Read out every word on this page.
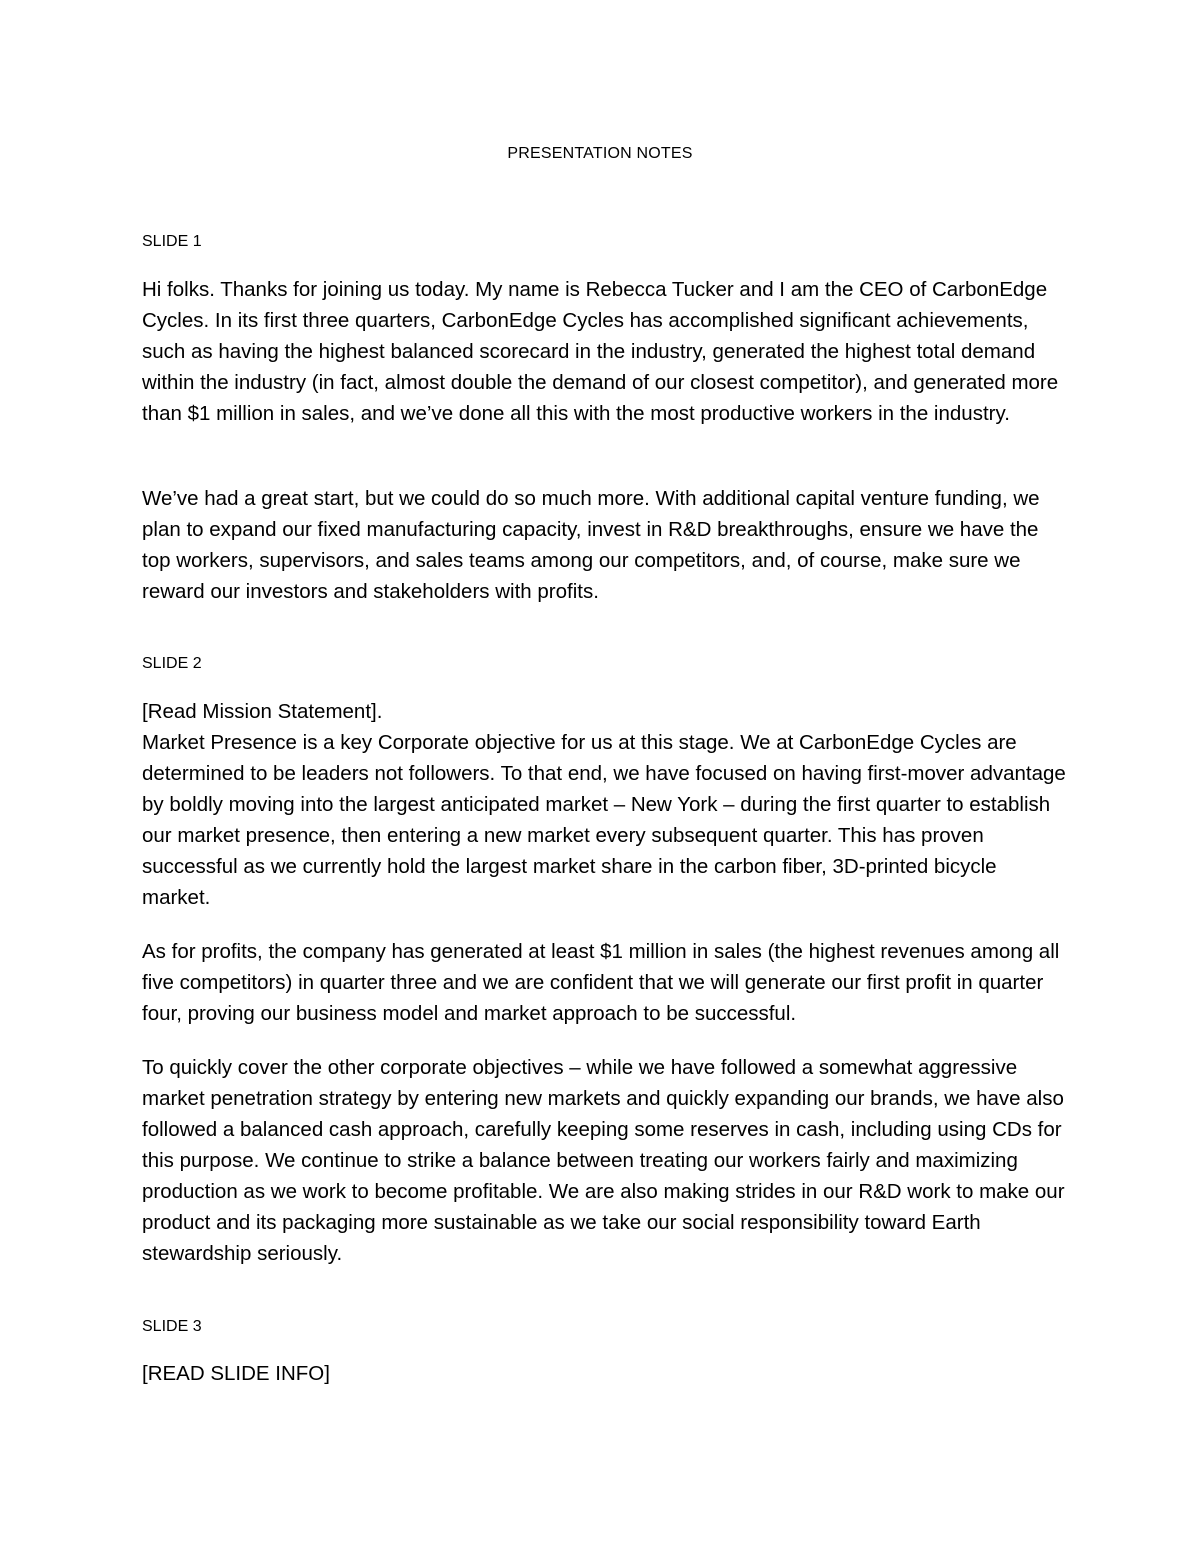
PRESENTATION NOTES
SLIDE 1

Hi folks. Thanks for joining us today. My name is Rebecca Tucker and I am the CEO of CarbonEdge Cycles. In its first three quarters, CarbonEdge Cycles has accomplished significant achievements, such as having the highest balanced scorecard in the industry, generated the highest total demand within the industry (in fact, almost double the demand of our closest competitor), and generated more than $1 million in sales, and we’ve done all this with the most productive workers in the industry.

We’ve had a great start, but we could do so much more. With additional capital venture funding, we plan to expand our fixed manufacturing capacity, invest in R&D breakthroughs, ensure we have the top workers, supervisors, and sales teams among our competitors, and, of course, make sure we reward our investors and stakeholders with profits.

SLIDE 2

[Read Mission Statement].

Market Presence is a key Corporate objective for us at this stage. We at CarbonEdge Cycles are determined to be leaders not followers. To that end, we have focused on having first-mover advantage by boldly moving into the largest anticipated market – New York – during the first quarter to establish our market presence, then entering a new market every subsequent quarter. This has proven successful as we currently hold the largest market share in the carbon fiber, 3D-printed bicycle market.

As for profits, the company has generated at least $1 million in sales (the highest revenues among all five competitors) in quarter three and we are confident that we will generate our first profit in quarter four, proving our business model and market approach to be successful.

To quickly cover the other corporate objectives – while we have followed a somewhat aggressive market penetration strategy by entering new markets and quickly expanding our brands, we have also followed a balanced cash approach, carefully keeping some reserves in cash, including using CDs for this purpose. We continue to strike a balance between treating our workers fairly and maximizing production as we work to become profitable. We are also making strides in our R&D work to make our product and its packaging more sustainable as we take our social responsibility toward Earth stewardship seriously.

SLIDE 3

[READ SLIDE INFO]
